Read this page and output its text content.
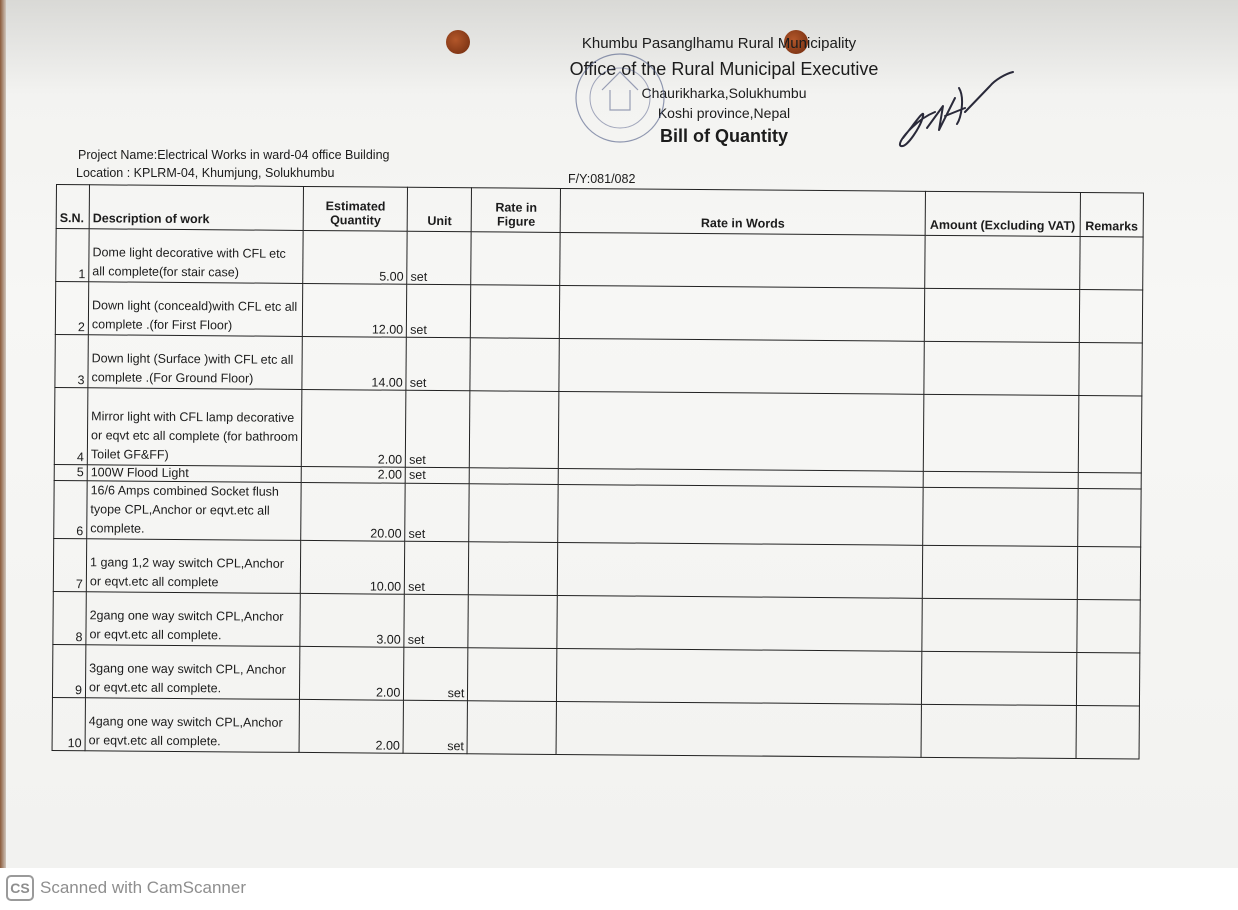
Khumbu Pasanglhamu Rural Municipality
Office of the Rural Municipal Executive
Chaurikharka,Solukhumbu
Koshi province,Nepal
Bill of Quantity
Project Name:Electrical Works in ward-04 office Building
Location : KPLRM-04, Khumjung, Solukhumbu	F/Y:081/082
S.N.	Description of work	Estimated Quantity	Unit	Rate in Figure	Rate in Words	Amount (Excluding VAT)	Remarks
1	Dome light decorative with CFL etc all complete(for stair case)	5.00	set				
2	Down light (conceald)with CFL etc all complete .(for First Floor)	12.00	set				
3	Down light (Surface )with CFL etc all complete .(For Ground Floor)	14.00	set				
4	Mirror light with CFL lamp decorative or eqvt etc all complete (for bathroom Toilet GF&FF)	2.00	set				
5	100W Flood Light	2.00	set				
6	16/6 Amps combined Socket flush tyope CPL,Anchor or eqvt.etc all complete.	20.00	set				
7	1 gang 1,2 way switch CPL,Anchor or eqvt.etc all complete	10.00	set				
8	2gang one way switch CPL,Anchor or eqvt.etc all complete.	3.00	set				
9	3gang one way switch CPL, Anchor or eqvt.etc all complete.	2.00	set				
10	4gang one way switch CPL,Anchor or eqvt.etc all complete.	2.00	set				
CS Scanned with CamScanner
